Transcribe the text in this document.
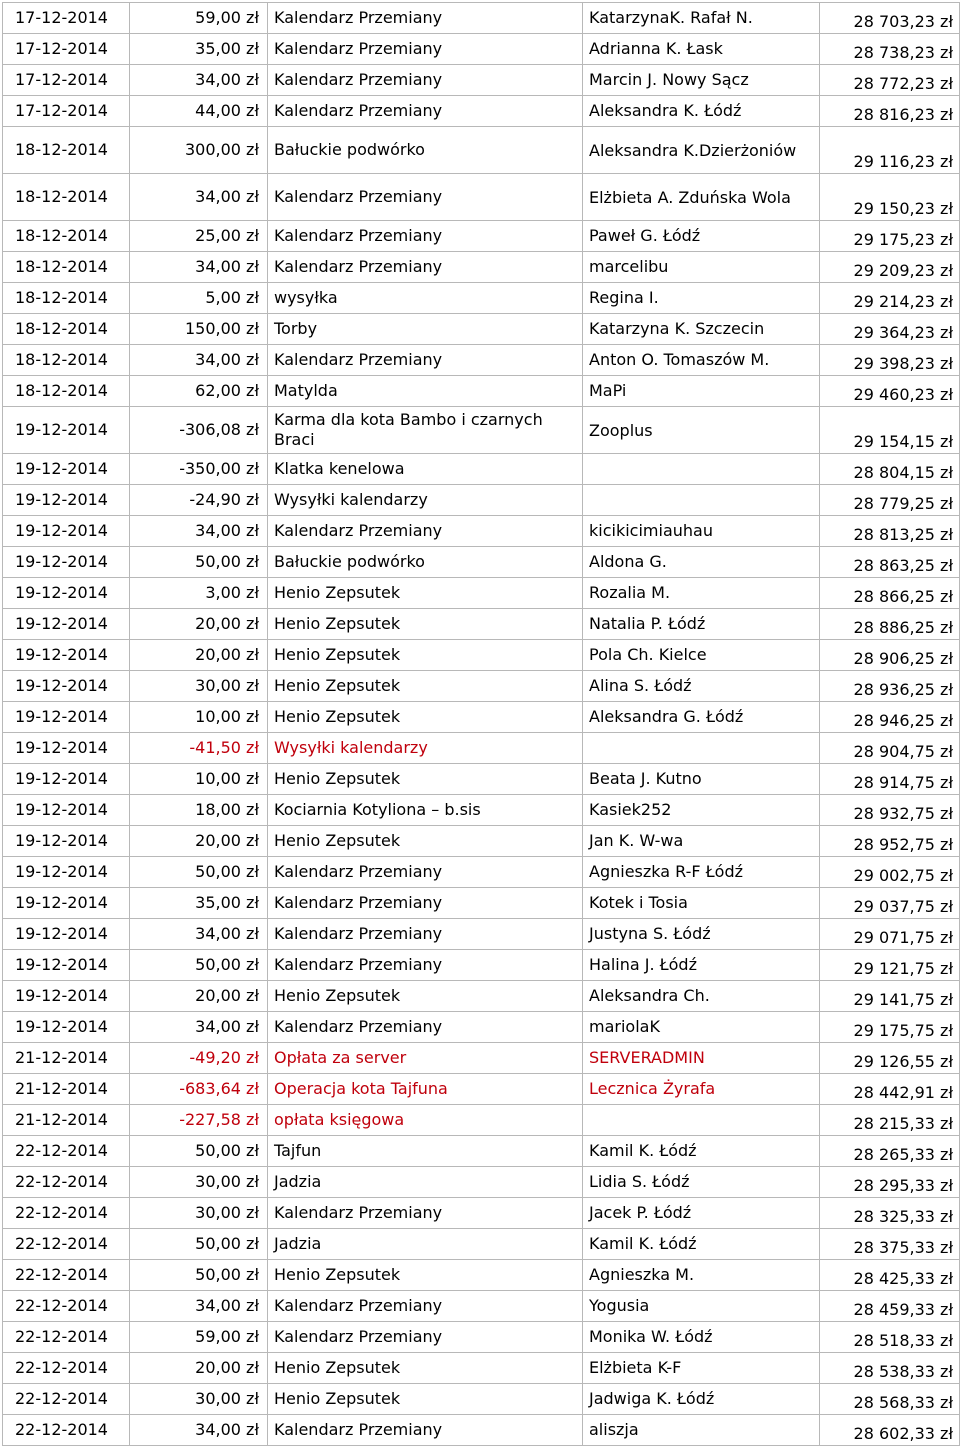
17-12-2014	59,00 zł	Kalendarz Przemiany	KatarzynaK. Rafał N.	28 703,23 zł
17-12-2014	35,00 zł	Kalendarz Przemiany	Adrianna K. Łask	28 738,23 zł
17-12-2014	34,00 zł	Kalendarz Przemiany	Marcin J. Nowy Sącz	28 772,23 zł
17-12-2014	44,00 zł	Kalendarz Przemiany	Aleksandra K. Łódź	28 816,23 zł
18-12-2014	300,00 zł	Bałuckie podwórko	Aleksandra K.Dzierżoniów	29 116,23 zł
18-12-2014	34,00 zł	Kalendarz Przemiany	Elżbieta A. Zduńska Wola	29 150,23 zł
18-12-2014	25,00 zł	Kalendarz Przemiany	Paweł G. Łódź	29 175,23 zł
18-12-2014	34,00 zł	Kalendarz Przemiany	marcelibu	29 209,23 zł
18-12-2014	5,00 zł	wysyłka	Regina I.	29 214,23 zł
18-12-2014	150,00 zł	Torby	Katarzyna K. Szczecin	29 364,23 zł
18-12-2014	34,00 zł	Kalendarz Przemiany	Anton O. Tomaszów M.	29 398,23 zł
18-12-2014	62,00 zł	Matylda	MaPi	29 460,23 zł
19-12-2014	-306,08 zł	Karma dla kota Bambo i czarnych Braci	Zooplus	29 154,15 zł
19-12-2014	-350,00 zł	Klatka kenelowa		28 804,15 zł
19-12-2014	-24,90 zł	Wysyłki kalendarzy		28 779,25 zł
19-12-2014	34,00 zł	Kalendarz Przemiany	kicikicimiauhau	28 813,25 zł
19-12-2014	50,00 zł	Bałuckie podwórko	Aldona G.	28 863,25 zł
19-12-2014	3,00 zł	Henio Zepsutek	Rozalia M.	28 866,25 zł
19-12-2014	20,00 zł	Henio Zepsutek	Natalia P. Łódź	28 886,25 zł
19-12-2014	20,00 zł	Henio Zepsutek	Pola Ch. Kielce	28 906,25 zł
19-12-2014	30,00 zł	Henio Zepsutek	Alina S. Łódź	28 936,25 zł
19-12-2014	10,00 zł	Henio Zepsutek	Aleksandra G. Łódź	28 946,25 zł
19-12-2014	-41,50 zł	Wysyłki kalendarzy		28 904,75 zł
19-12-2014	10,00 zł	Henio Zepsutek	Beata J. Kutno	28 914,75 zł
19-12-2014	18,00 zł	Kociarnia Kotyliona – b.sis	Kasiek252	28 932,75 zł
19-12-2014	20,00 zł	Henio Zepsutek	Jan K. W-wa	28 952,75 zł
19-12-2014	50,00 zł	Kalendarz Przemiany	Agnieszka R-F Łódź	29 002,75 zł
19-12-2014	35,00 zł	Kalendarz Przemiany	Kotek i Tosia	29 037,75 zł
19-12-2014	34,00 zł	Kalendarz Przemiany	Justyna S. Łódź	29 071,75 zł
19-12-2014	50,00 zł	Kalendarz Przemiany	Halina J. Łódź	29 121,75 zł
19-12-2014	20,00 zł	Henio Zepsutek	Aleksandra Ch.	29 141,75 zł
19-12-2014	34,00 zł	Kalendarz Przemiany	mariolaK	29 175,75 zł
21-12-2014	-49,20 zł	Opłata za server	SERVERADMIN	29 126,55 zł
21-12-2014	-683,64 zł	Operacja kota Tajfuna	Lecznica Żyrafa	28 442,91 zł
21-12-2014	-227,58 zł	opłata księgowa		28 215,33 zł
22-12-2014	50,00 zł	Tajfun	Kamil K. Łódź	28 265,33 zł
22-12-2014	30,00 zł	Jadzia	Lidia S. Łódź	28 295,33 zł
22-12-2014	30,00 zł	Kalendarz Przemiany	Jacek P. Łódź	28 325,33 zł
22-12-2014	50,00 zł	Jadzia	Kamil K. Łódź	28 375,33 zł
22-12-2014	50,00 zł	Henio Zepsutek	Agnieszka M.	28 425,33 zł
22-12-2014	34,00 zł	Kalendarz Przemiany	Yogusia	28 459,33 zł
22-12-2014	59,00 zł	Kalendarz Przemiany	Monika W. Łódź	28 518,33 zł
22-12-2014	20,00 zł	Henio Zepsutek	Elżbieta K-F	28 538,33 zł
22-12-2014	30,00 zł	Henio Zepsutek	Jadwiga K. Łódź	28 568,33 zł
22-12-2014	34,00 zł	Kalendarz Przemiany	aliszja	28 602,33 zł
